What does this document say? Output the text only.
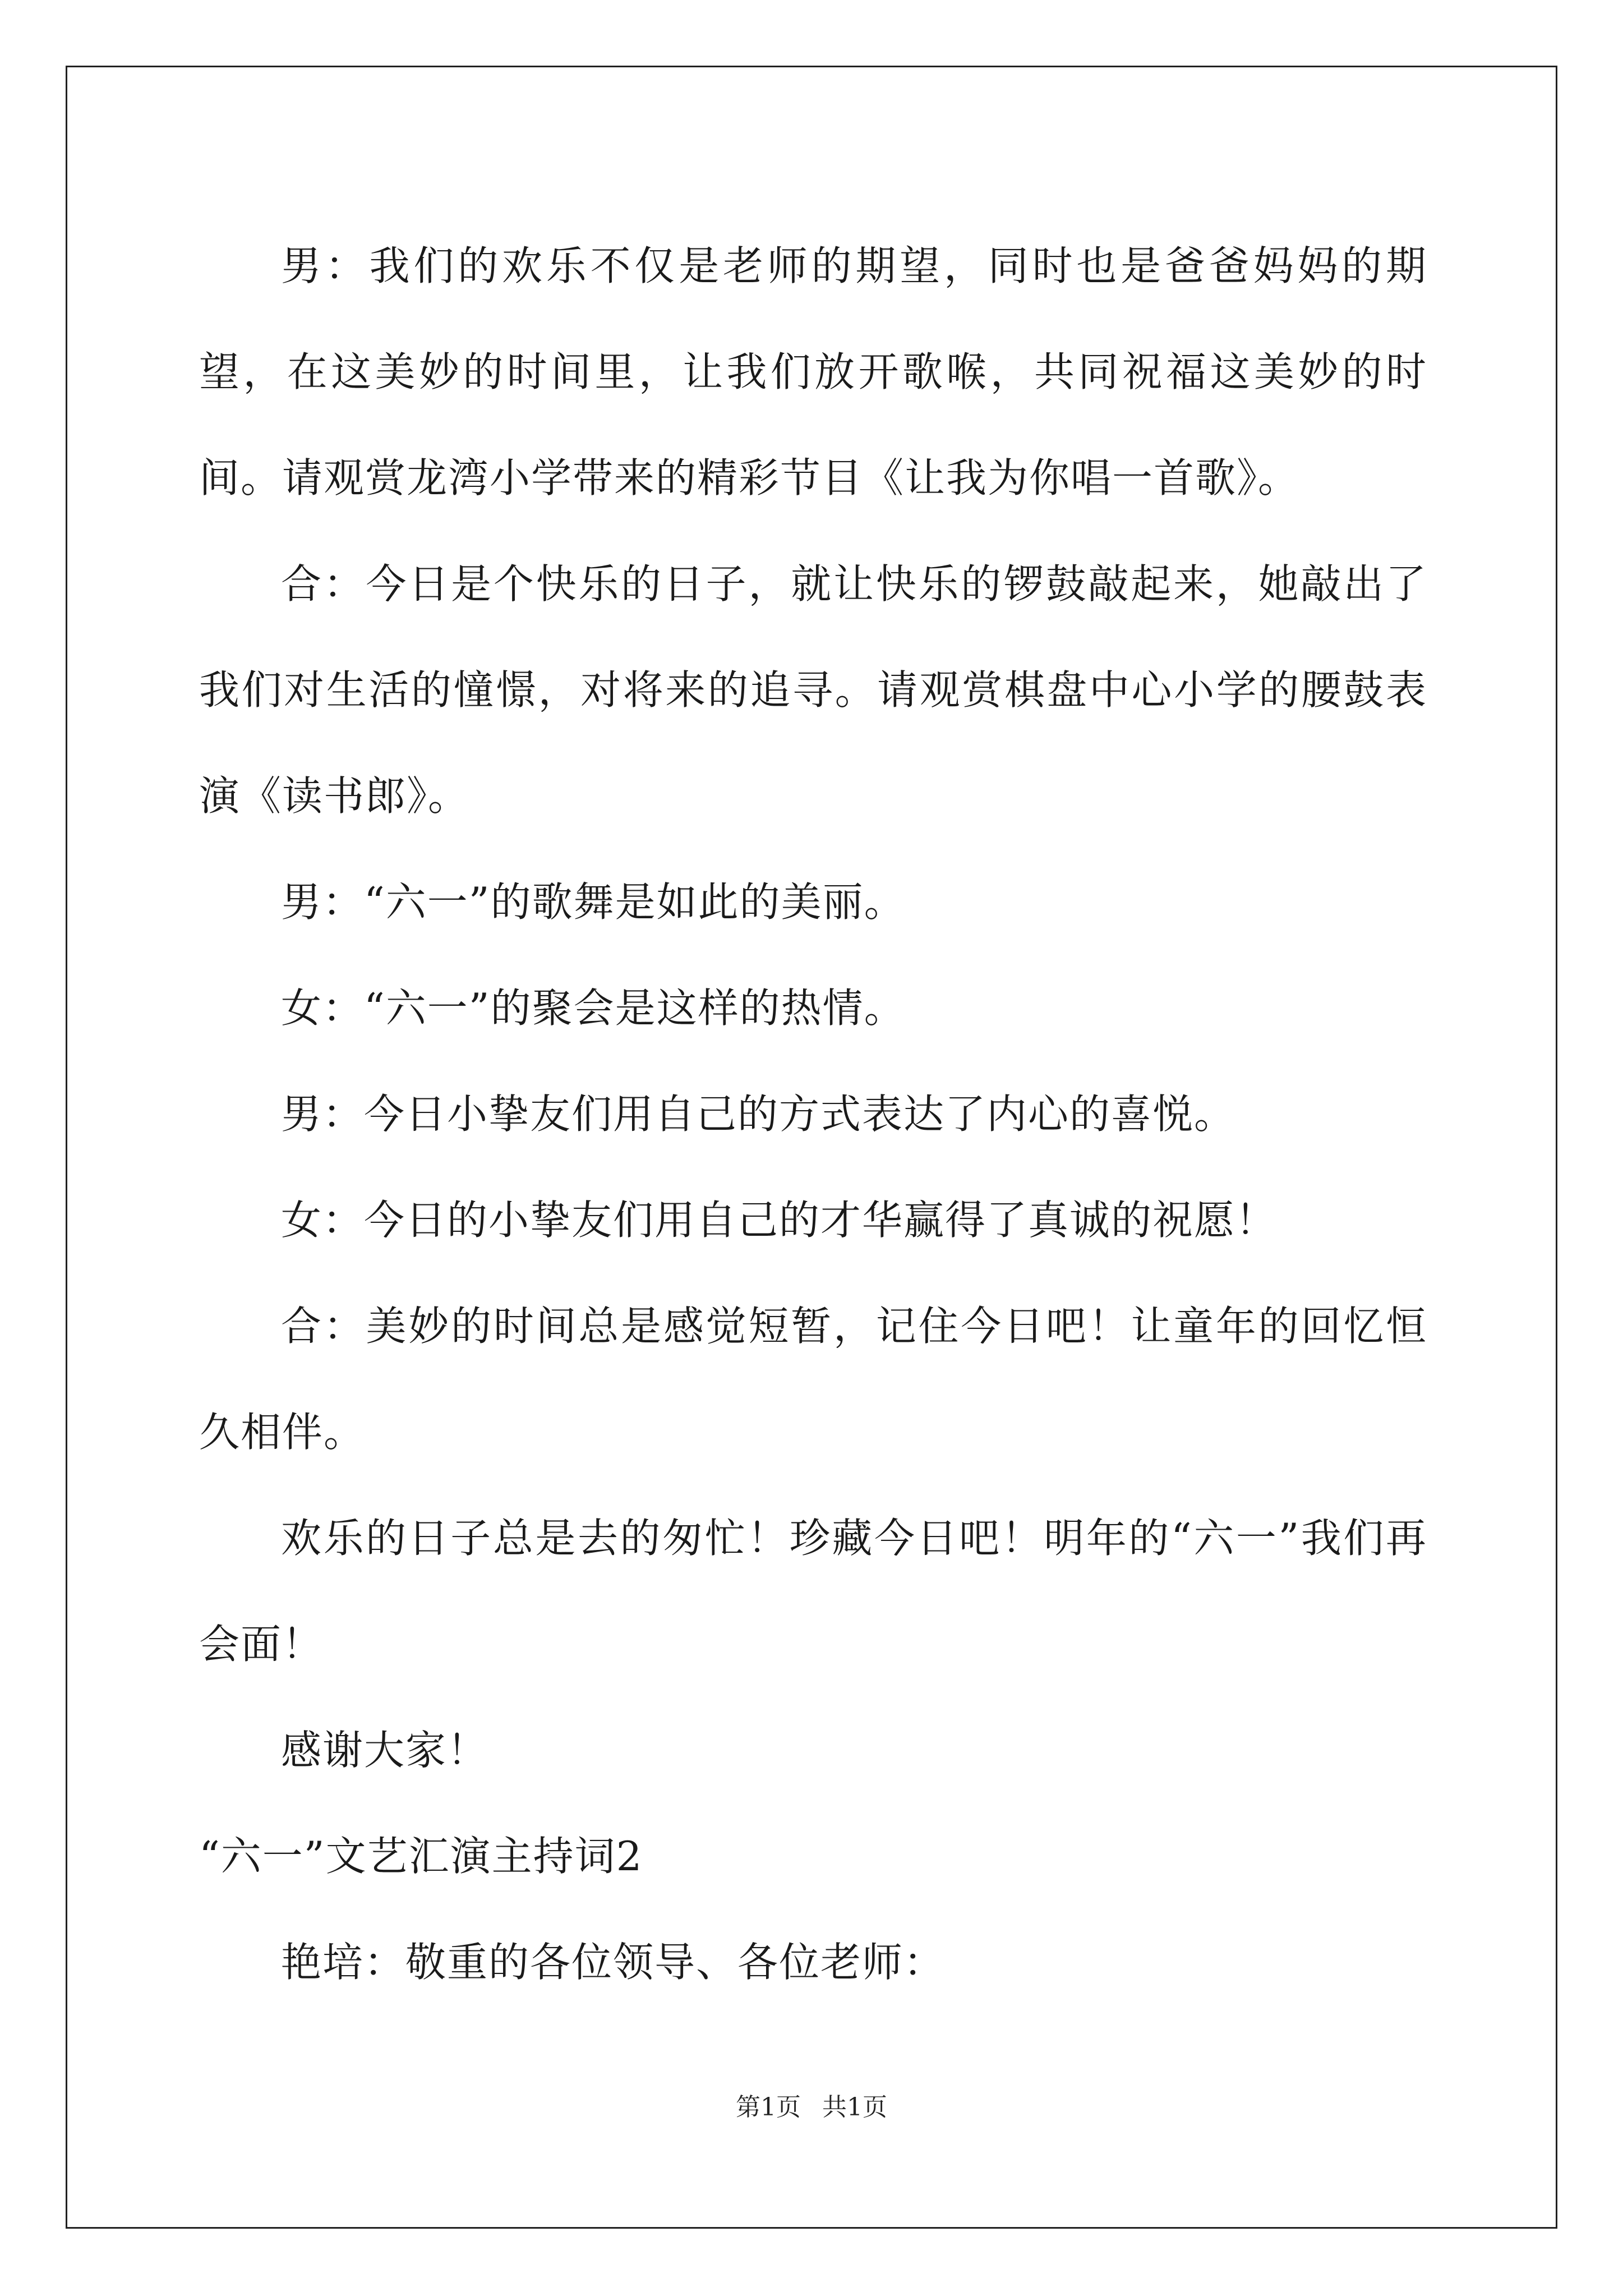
男：我们的欢乐不仅是老师的期望，同时也是爸爸妈妈的期望，在这美妙的时间里，让我们放开歌喉，共同祝福这美妙的时间。请观赏龙湾小学带来的精彩节目《让我为你唱一首歌》。

合：今日是个快乐的日子，就让快乐的锣鼓敲起来，她敲出了我们对生活的憧憬，对将来的追寻。请观赏棋盘中心小学的腰鼓表演《读书郎》。

男：“六一”的歌舞是如此的美丽。

女：“六一”的聚会是这样的热情。

男：今日小挚友们用自己的方式表达了内心的喜悦。

女：今日的小挚友们用自己的才华赢得了真诚的祝愿！

合：美妙的时间总是感觉短暂，记住今日吧！让童年的回忆恒久相伴。

欢乐的日子总是去的匆忙！珍藏今日吧！明年的“六一”我们再会面！

感谢大家！

“六一”文艺汇演主持词2

艳培：敬重的各位领导、各位老师：

第1页 共1页
